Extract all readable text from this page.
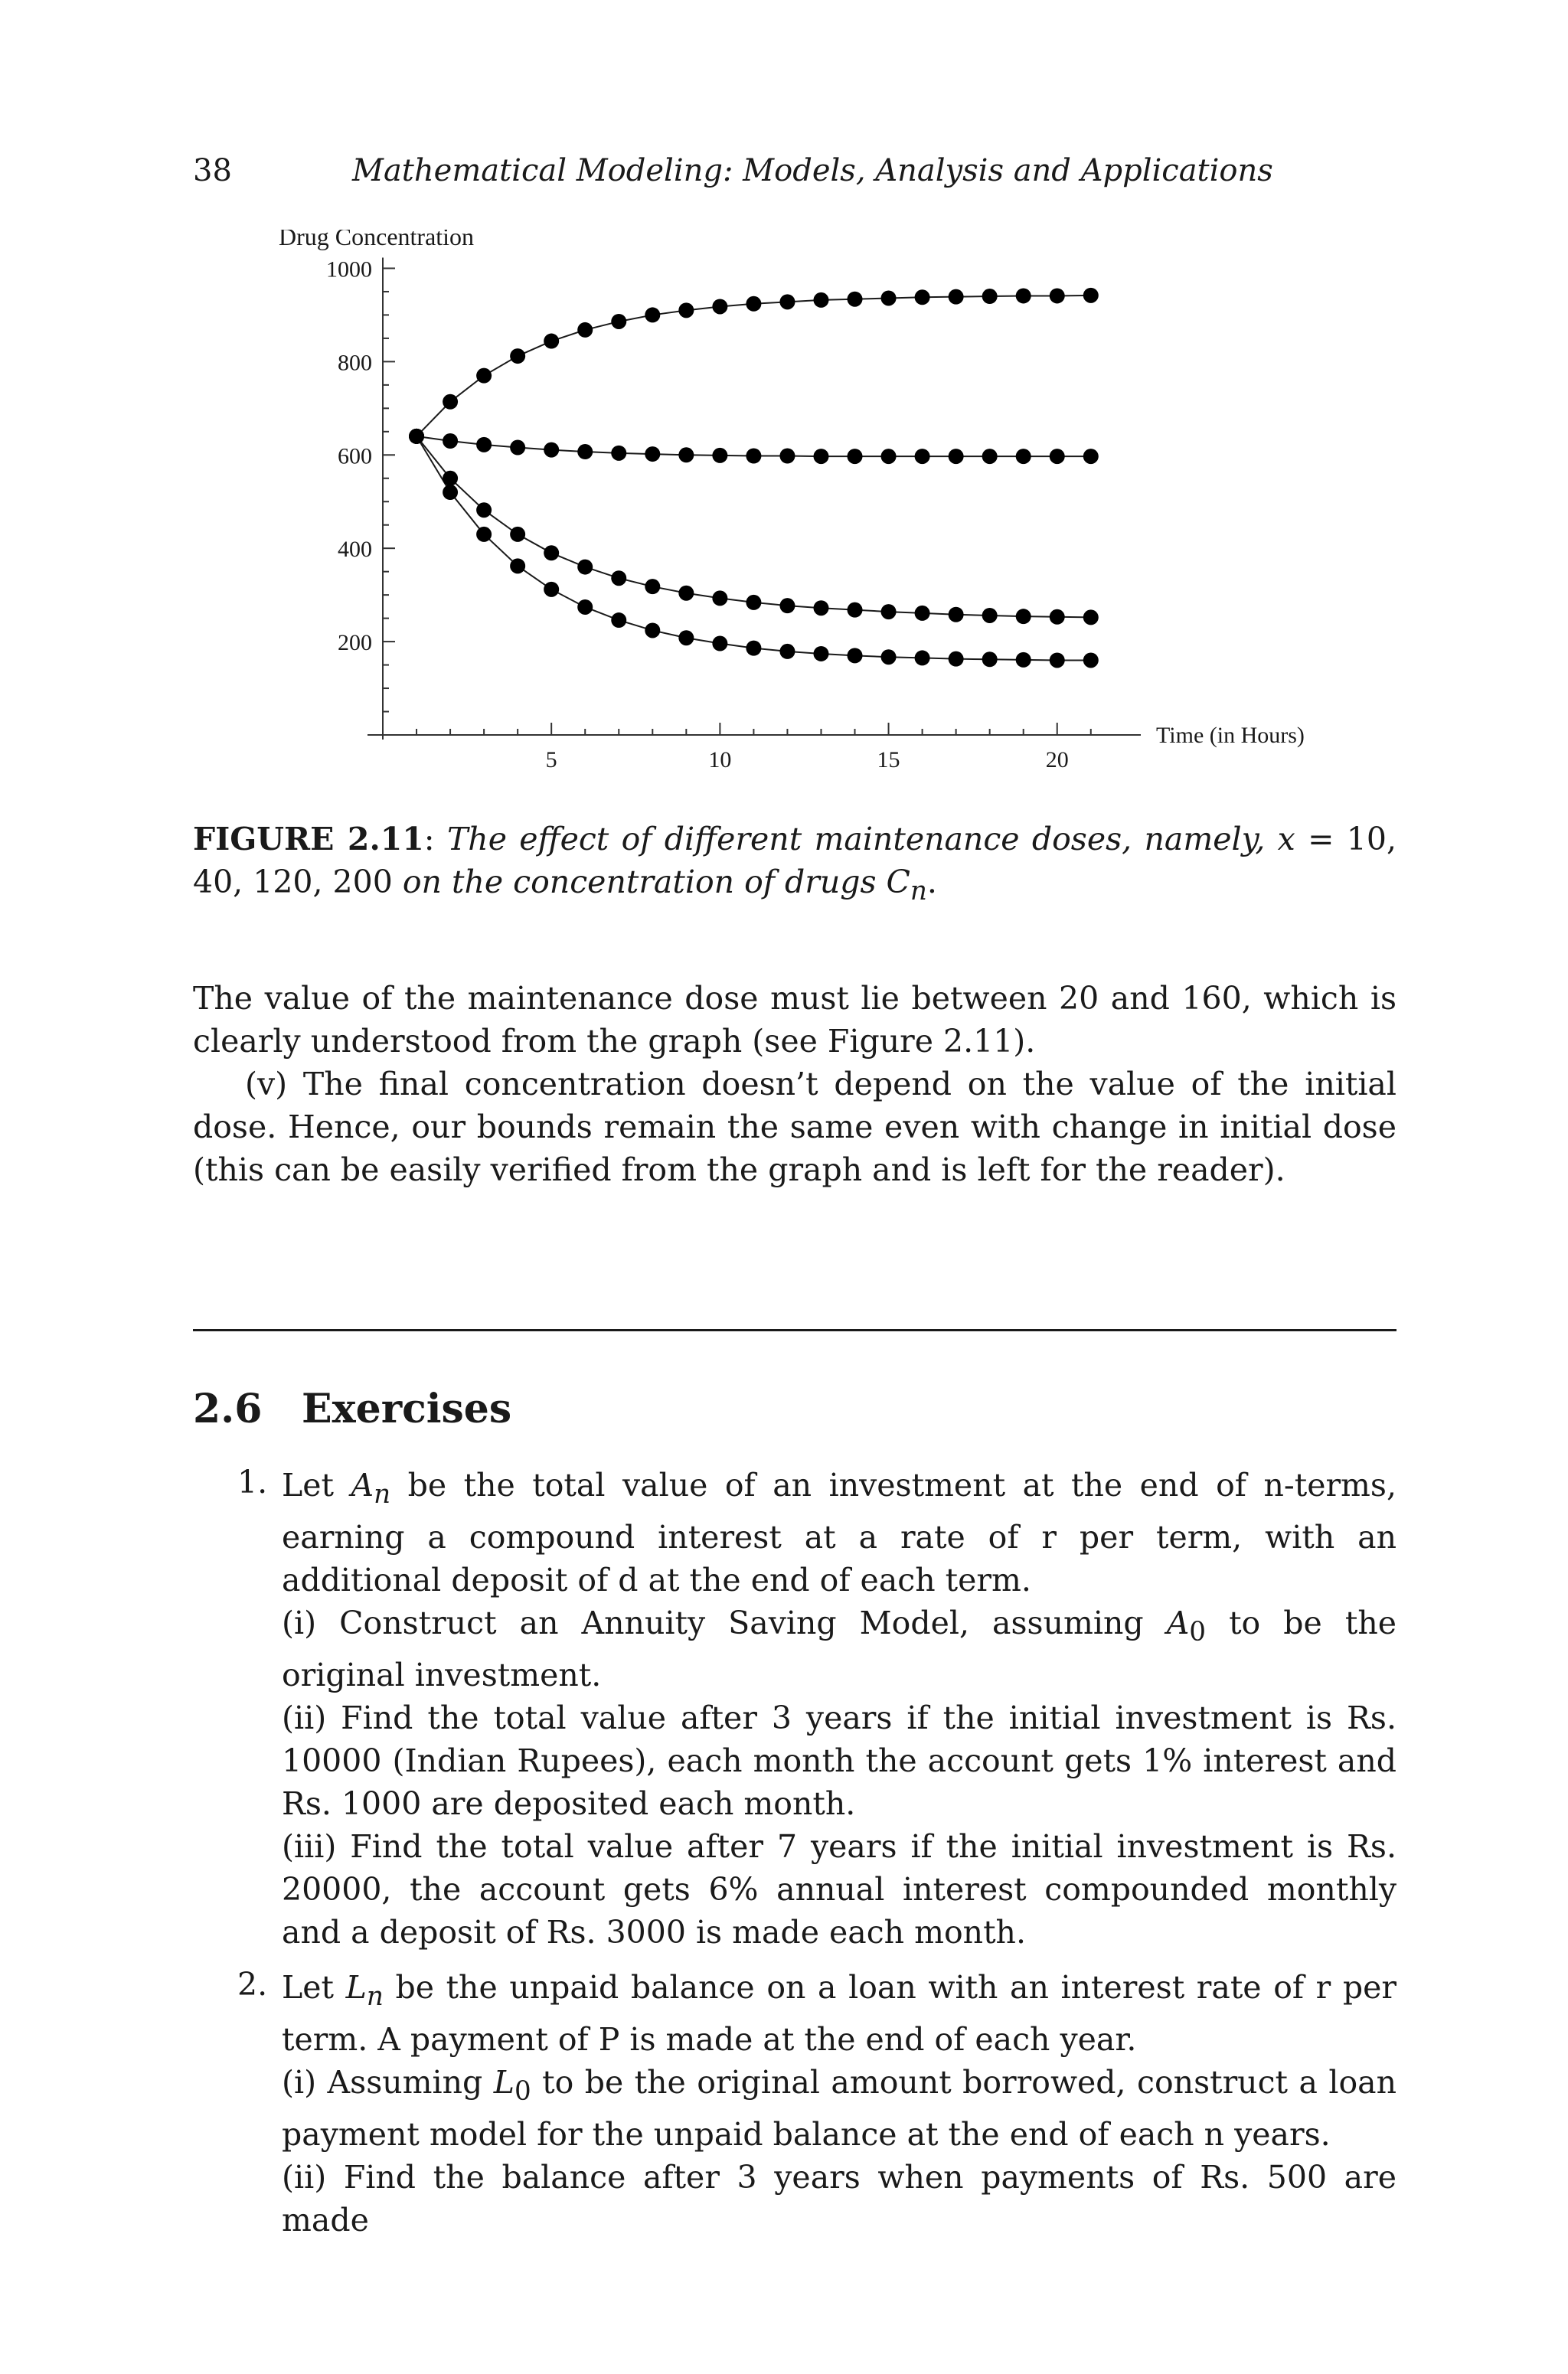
38	Mathematical Modeling: Models, Analysis and Applications
Drug Concentration
200
400
600
800
1000
5	10	15	20
Time (in Hours)
FIGURE 2.11: The effect of different maintenance doses, namely, x = 10, 40, 120, 200 on the concentration of drugs $C_n$.
The value of the maintenance dose must lie between 20 and 160, which is clearly understood from the graph (see Figure 2.11).
(v) The final concentration doesn’t depend on the value of the initial dose. Hence, our bounds remain the same even with change in initial dose (this can be easily verified from the graph and is left for the reader).
2.6 Exercises
1. Let $A_n$ be the total value of an investment at the end of n-terms, earning a compound interest at a rate of r per term, with an additional deposit of d at the end of each term.

(i) Construct an Annuity Saving Model, assuming $A_0$ to be the original investment.

(ii) Find the total value after 3 years if the initial investment is Rs. 10000 (Indian Rupees), each month the account gets 1% interest and Rs. 1000 are deposited each month.

(iii) Find the total value after 7 years if the initial investment is Rs. 20000, the account gets 6% annual interest compounded monthly and a deposit of Rs. 3000 is made each month.

2. Let $L_n$ be the unpaid balance on a loan with an interest rate of r per term. A payment of P is made at the end of each year.

(i) Assuming $L_0$ to be the original amount borrowed, construct a loan payment model for the unpaid balance at the end of each n years.

(ii) Find the balance after 3 years when payments of Rs. 500 are made
